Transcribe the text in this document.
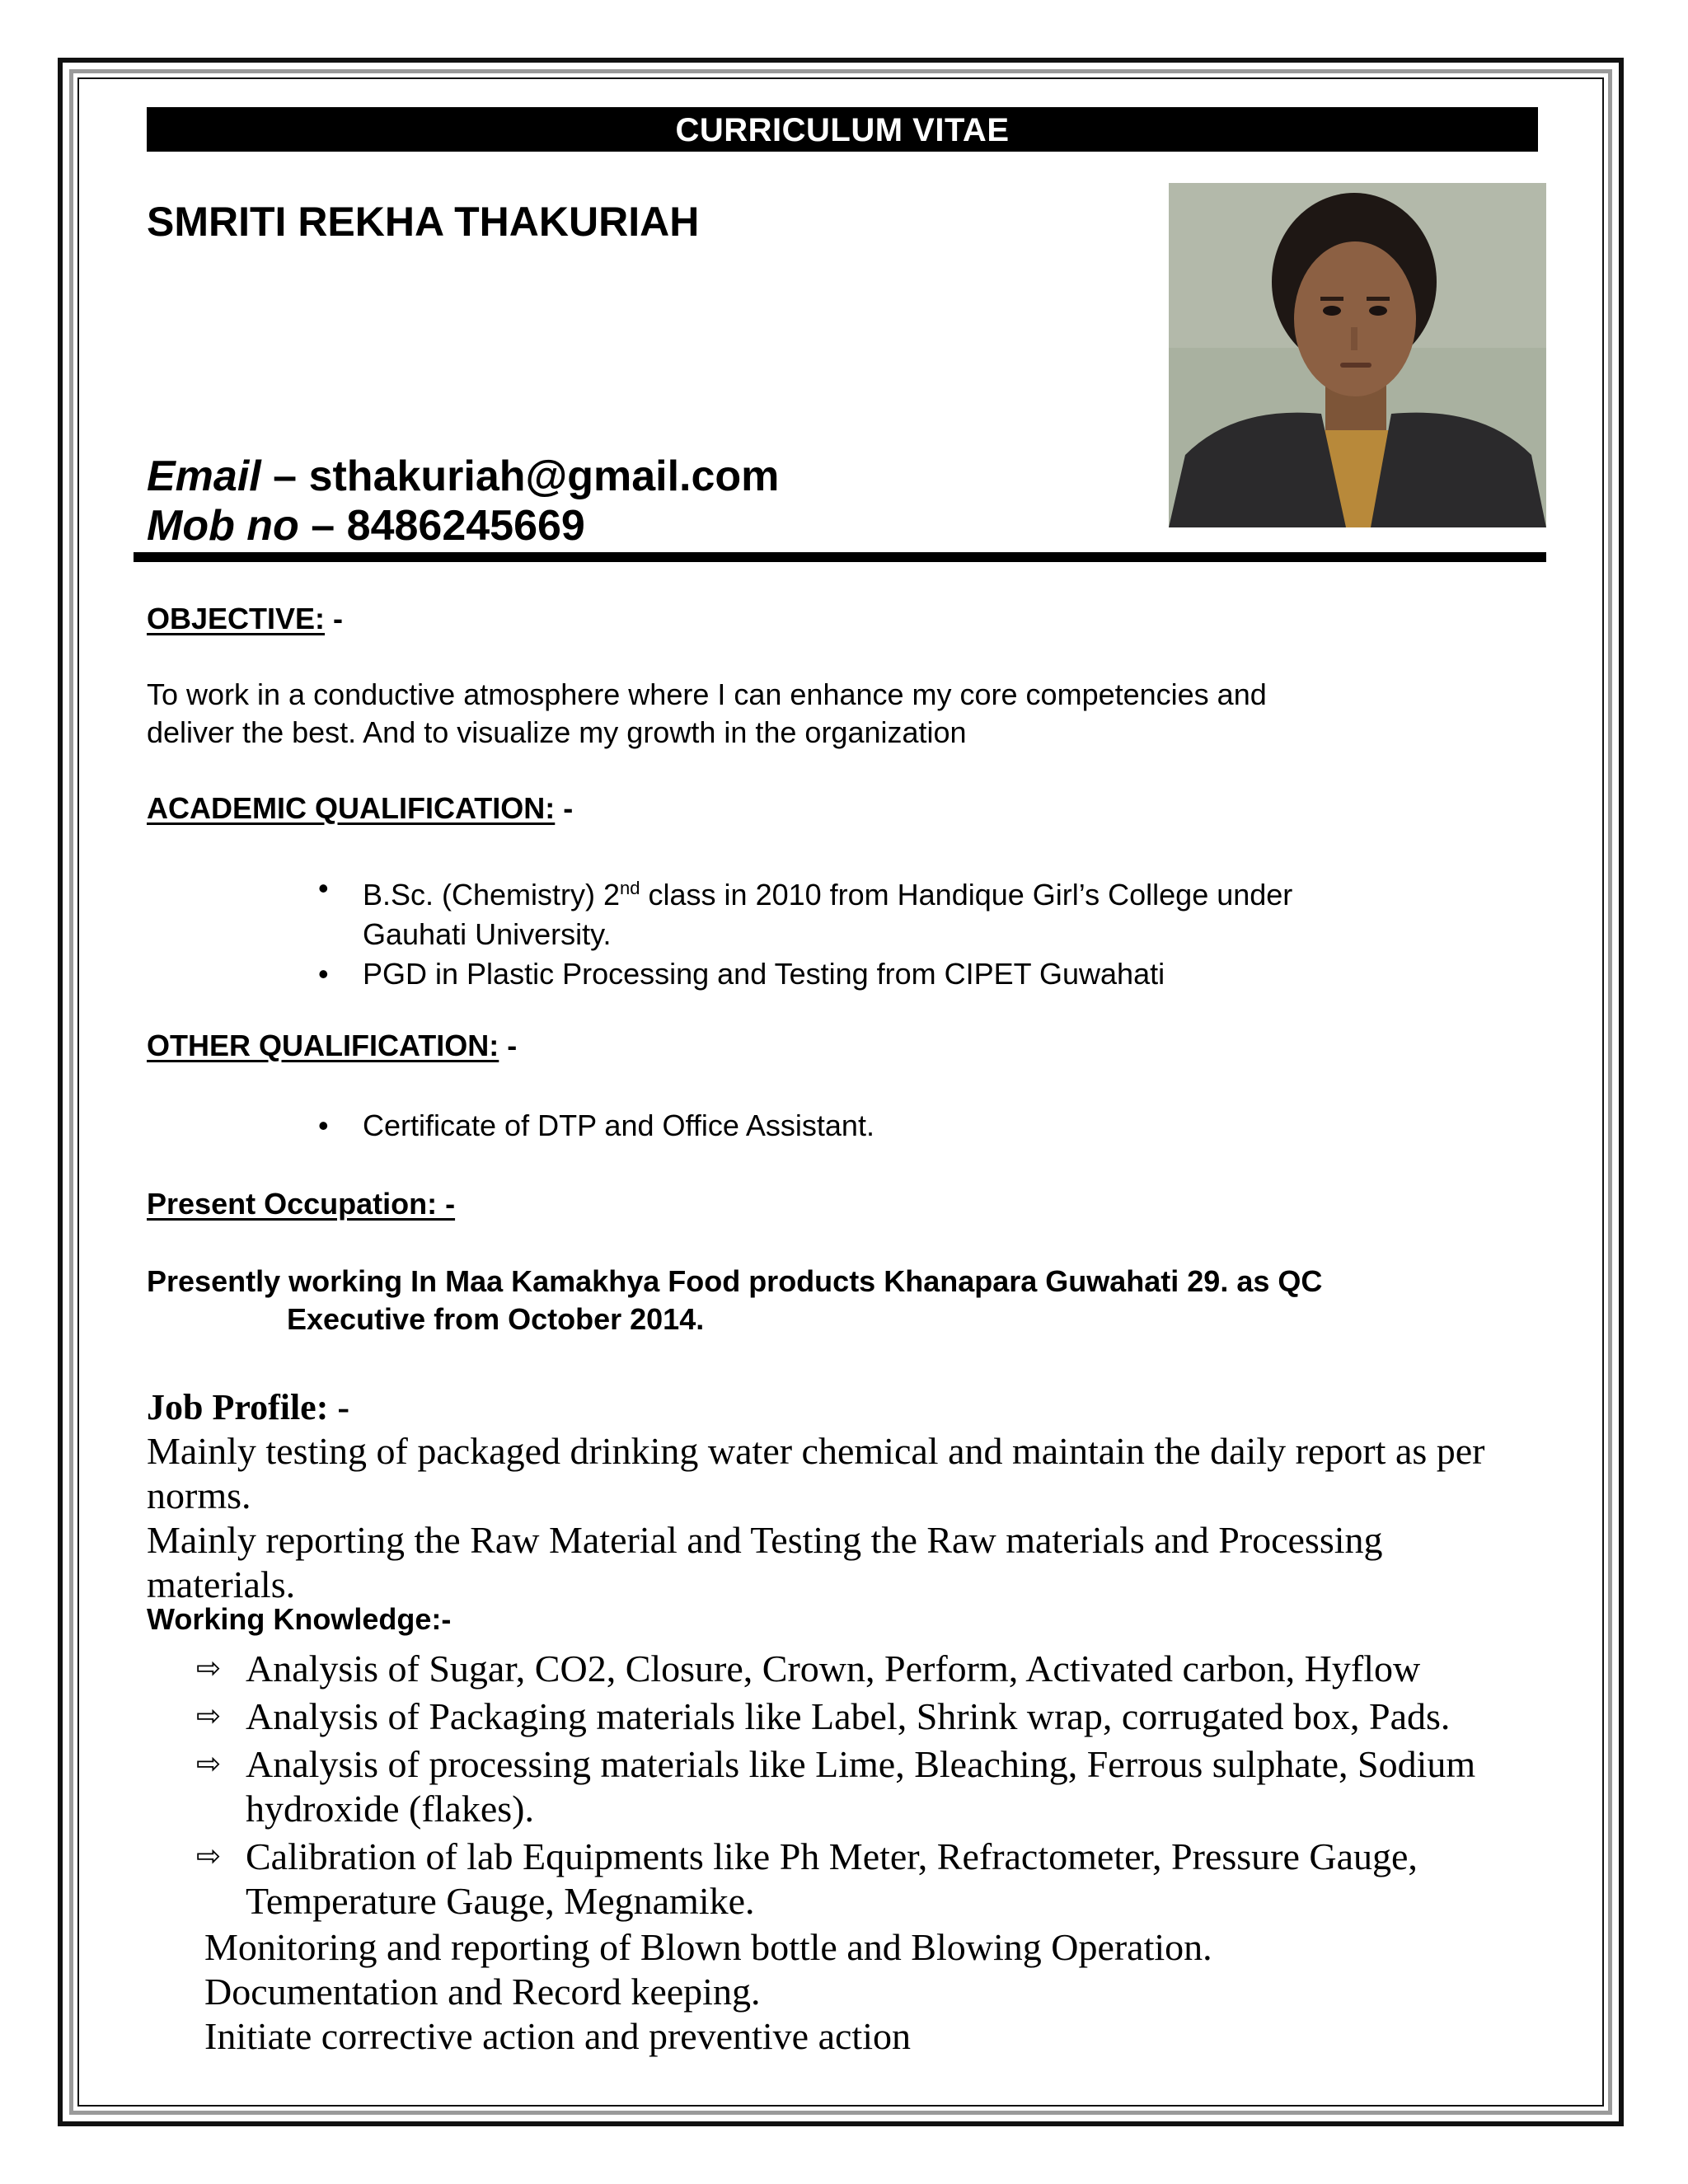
CURRICULUM VITAE
SMRITI REKHA THAKURIAH
Email – sthakuriah@gmail.com
Mob no – 8486245669
OBJECTIVE: -
To work in a conductive atmosphere where I can enhance my core competencies and
deliver the best. And to visualize my growth in the organization
ACADEMIC QUALIFICATION: -
• B.Sc. (Chemistry) 2nd class in 2010 from Handique Girl’s College under
Gauhati University.
• PGD in Plastic Processing and Testing from CIPET Guwahati
OTHER QUALIFICATION: -
• Certificate of DTP and Office Assistant.
Present Occupation: -
Presently working In Maa Kamakhya Food products Khanapara Guwahati 29. as QC
Executive from October 2014.
Job Profile: -
Mainly testing of packaged drinking water chemical and maintain the daily report as per
norms.
Mainly reporting the Raw Material and Testing the Raw materials and Processing
materials.
Working Knowledge:-
⇨ Analysis of Sugar, CO2, Closure, Crown, Perform, Activated carbon, Hyflow
⇨ Analysis of Packaging materials like Label, Shrink wrap, corrugated box, Pads.
⇨ Analysis of processing materials like Lime, Bleaching, Ferrous sulphate, Sodium
hydroxide (flakes).
⇨ Calibration of lab Equipments like Ph Meter, Refractometer, Pressure Gauge,
Temperature Gauge, Megnamike.
Monitoring and reporting of Blown bottle and Blowing Operation.
Documentation and Record keeping.
Initiate corrective action and preventive action
